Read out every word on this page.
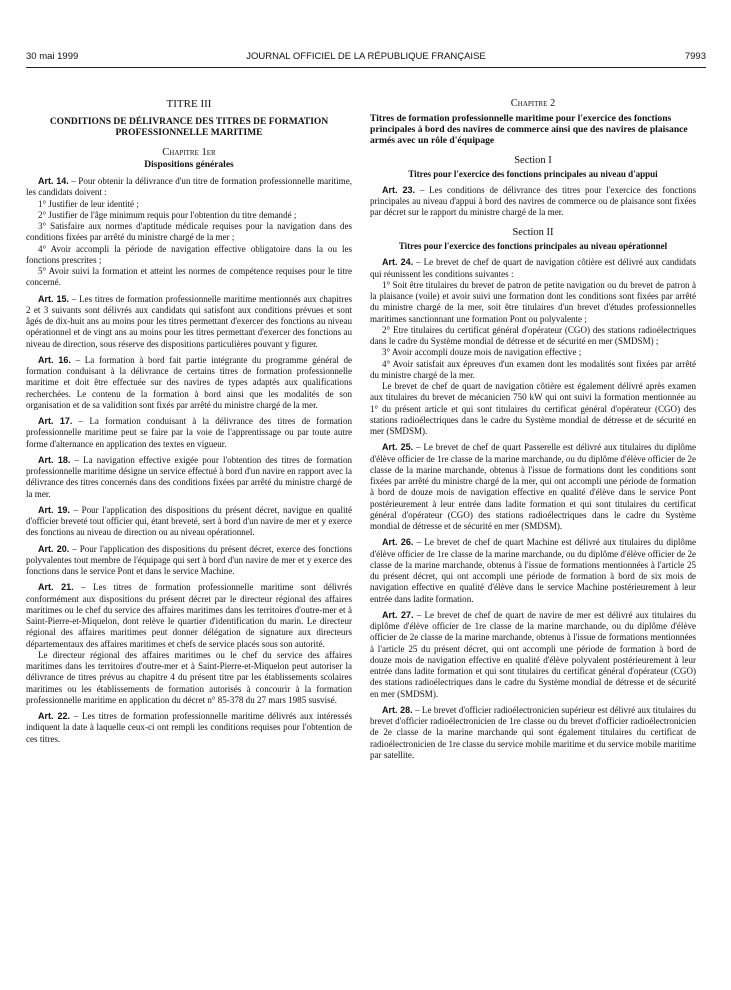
30 mai 1999	JOURNAL OFFICIEL DE LA RÉPUBLIQUE FRANÇAISE	7993
TITRE III
CONDITIONS DE DÉLIVRANCE DES TITRES DE FORMATION PROFESSIONNELLE MARITIME
Chapitre 1er
Dispositions générales

Art. 14. – Pour obtenir la délivrance d'un titre de formation professionnelle maritime, les candidats doivent :

1° Justifier de leur identité ;

2° Justifier de l'âge minimum requis pour l'obtention du titre demandé ;

3° Satisfaire aux normes d'aptitude médicale requises pour la navigation dans des conditions fixées par arrêté du ministre chargé de la mer ;

4° Avoir accompli la période de navigation effective obligatoire dans la ou les fonctions prescrites ;

5° Avoir suivi la formation et atteint les normes de compétence requises pour le titre concerné.

Art. 15. – Les titres de formation professionnelle maritime mentionnés aux chapitres 2 et 3 suivants sont délivrés aux candidats qui satisfont aux conditions prévues et sont âgés de dix-huit ans au moins pour les titres permettant d'exercer des fonctions au niveau opérationnel et de vingt ans au moins pour les titres permettant d'exercer des fonctions au niveau de direction, sous réserve des dispositions particulières pouvant y figurer.

Art. 16. – La formation à bord fait partie intégrante du programme général de formation conduisant à la délivrance de certains titres de formation professionnelle maritime et doit être effectuée sur des navires de types adaptés aux qualifications recherchées. Le contenu de la formation à bord ainsi que les modalités de son organisation et de sa validition sont fixés par arrêté du ministre chargé de la mer.

Art. 17. – La formation conduisant à la délivrance des titres de formation professionnelle maritime peut se faire par la voie de l'apprentissage ou par toute autre forme d'alternance en application des textes en vigueur.

Art. 18. – La navigation effective exigée pour l'obtention des titres de formation professionnelle maritime désigne un service effectué à bord d'un navire en rapport avec la délivrance des titres concernés dans des conditions fixées par arrêté du ministre chargé de la mer.

Art. 19. – Pour l'application des dispositions du présent décret, navigue en qualité d'officier breveté tout officier qui, étant breveté, sert à bord d'un navire de mer et y exerce des fonctions au niveau de direction ou au niveau opérationnel.

Art. 20. – Pour l'application des dispositions du présent décret, exerce des fonctions polyvalentes tout membre de l'équipage qui sert à bord d'un navire de mer et y exerce des fonctions dans le service Pont et dans le service Machine.

Art. 21. – Les titres de formation professionnelle maritime sont délivrés conformément aux dispositions du présent décret par le directeur régional des affaires maritimes ou le chef du service des affaires maritimes dans les territoires d'outre-mer et à Saint-Pierre-et-Miquelon, dont relève le quartier d'identification du marin. Le directeur régional des affaires maritimes peut donner délégation de signature aux directeurs départementaux des affaires maritimes et chefs de service placés sous son autorité.

Le directeur régional des affaires maritimes ou le chef du service des affaires maritimes dans les territoires d'outre-mer et à Saint-Pierre-et-Miquelon peut autoriser la délivrance de titres prévus au chapitre 4 du présent titre par les établissements scolaires maritimes ou les établissements de formation autorisés à concourir à la formation professionnelle maritime en application du décret n° 85-378 du 27 mars 1985 susvisé.

Art. 22. – Les titres de formation professionnelle maritime délivrés aux intéressés indiquent la date à laquelle ceux-ci ont rempli les conditions requises pour l'obtention de ces titres.

Chapitre 2
Titres de formation professionnelle maritime pour l'exercice des fonctions principales à bord des navires de commerce ainsi que des navires de plaisance armés avec un rôle d'équipage
Section I
Titres pour l'exercice des fonctions principales au niveau d'appui

Art. 23. – Les conditions de délivrance des titres pour l'exercice des fonctions principales au niveau d'appui à bord des navires de commerce ou de plaisance sont fixées par décret sur le rapport du ministre chargé de la mer.

Section II
Titres pour l'exercice des fonctions principales au niveau opérationnel

Art. 24. – Le brevet de chef de quart de navigation côtière est délivré aux candidats qui réunissent les conditions suivantes :

1° Soit être titulaires du brevet de patron de petite navigation ou du brevet de patron à la plaisance (voile) et avoir suivi une formation dont les conditions sont fixées par arrêté du ministre chargé de la mer, soit être titulaires d'un brevet d'études professionnelles maritimes sanctionnant une formation Pont ou polyvalente ;

2° Etre titulaires du certificat général d'opérateur (CGO) des stations radioélectriques dans le cadre du Système mondial de détresse et de sécurité en mer (SMDSM) ;

3° Avoir accompli douze mois de navigation effective ;

4° Avoir satisfait aux épreuves d'un examen dont les modalités sont fixées par arrêté du ministre chargé de la mer.

Le brevet de chef de quart de navigation côtière est également délivré après examen aux titulaires du brevet de mécanicien 750 kW qui ont suivi la formation mentionnée au 1° du présent article et qui sont titulaires du certificat général d'opérateur (CGO) des stations radioélectriques dans le cadre du Système mondial de détresse et de sécurité en mer (SMDSM).

Art. 25. – Le brevet de chef de quart Passerelle est délivré aux titulaires du diplôme d'élève officier de 1re classe de la marine marchande, ou du diplôme d'élève officier de 2e classe de la marine marchande, obtenus à l'issue de formations dont les conditions sont fixées par arrêté du ministre chargé de la mer, qui ont accompli une période de formation à bord de douze mois de navigation effective en qualité d'élève dans le service Pont postérieurement à leur entrée dans ladite formation et qui sont titulaires du certificat général d'opérateur (CGO) des stations radioélectriques dans le cadre du Système mondial de détresse et de sécurité en mer (SMDSM).

Art. 26. – Le brevet de chef de quart Machine est délivré aux titulaires du diplôme d'élève officier de 1re classe de la marine marchande, ou du diplôme d'élève officier de 2e classe de la marine marchande, obtenus à l'issue de formations mentionnées à l'article 25 du présent décret, qui ont accompli une période de formation à bord de six mois de navigation effective en qualité d'élève dans le service Machine postérieurement à leur entrée dans ladite formation.

Art. 27. – Le brevet de chef de quart de navire de mer est délivré aux titulaires du diplôme d'élève officier de 1re classe de la marine marchande, ou du diplôme d'élève officier de 2e classe de la marine marchande, obtenus à l'issue de formations mentionnées à l'article 25 du présent décret, qui ont accompli une période de formation à bord de douze mois de navigation effective en qualité d'élève polyvalent postérieurement à leur entrée dans ladite formation et qui sont titulaires du certificat général d'opérateur (CGO) des stations radioélectriques dans le cadre du Système mondial de détresse et de sécurité en mer (SMDSM).

Art. 28. – Le brevet d'officier radioélectronicien supérieur est délivré aux titulaires du brevet d'officier radioélectronicien de 1re classe ou du brevet d'officier radioélectronicien de 2e classe de la marine marchande qui sont également titulaires du certificat de radioélectronicien de 1re classe du service mobile maritime et du service mobile maritime par satellite.
